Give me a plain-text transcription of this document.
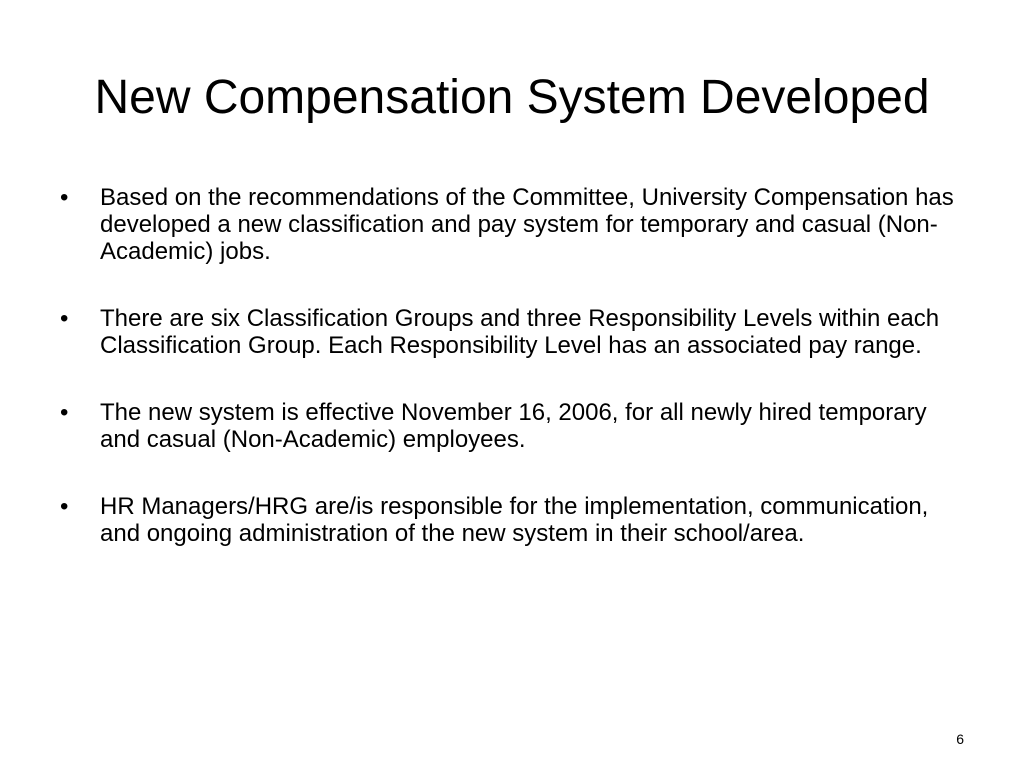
New Compensation System Developed
•	Based on the recommendations of the Committee, University Compensation has developed a new classification and pay system for temporary and casual (Non-Academic) jobs.
•	There are six Classification Groups and three Responsibility Levels within each Classification Group. Each Responsibility Level has an associated pay range.
•	The new system is effective November 16, 2006, for all newly hired temporary and casual (Non-Academic) employees.
•	HR Managers/HRG are/is responsible for the implementation, communication, and ongoing administration of the new system in their school/area.
6
